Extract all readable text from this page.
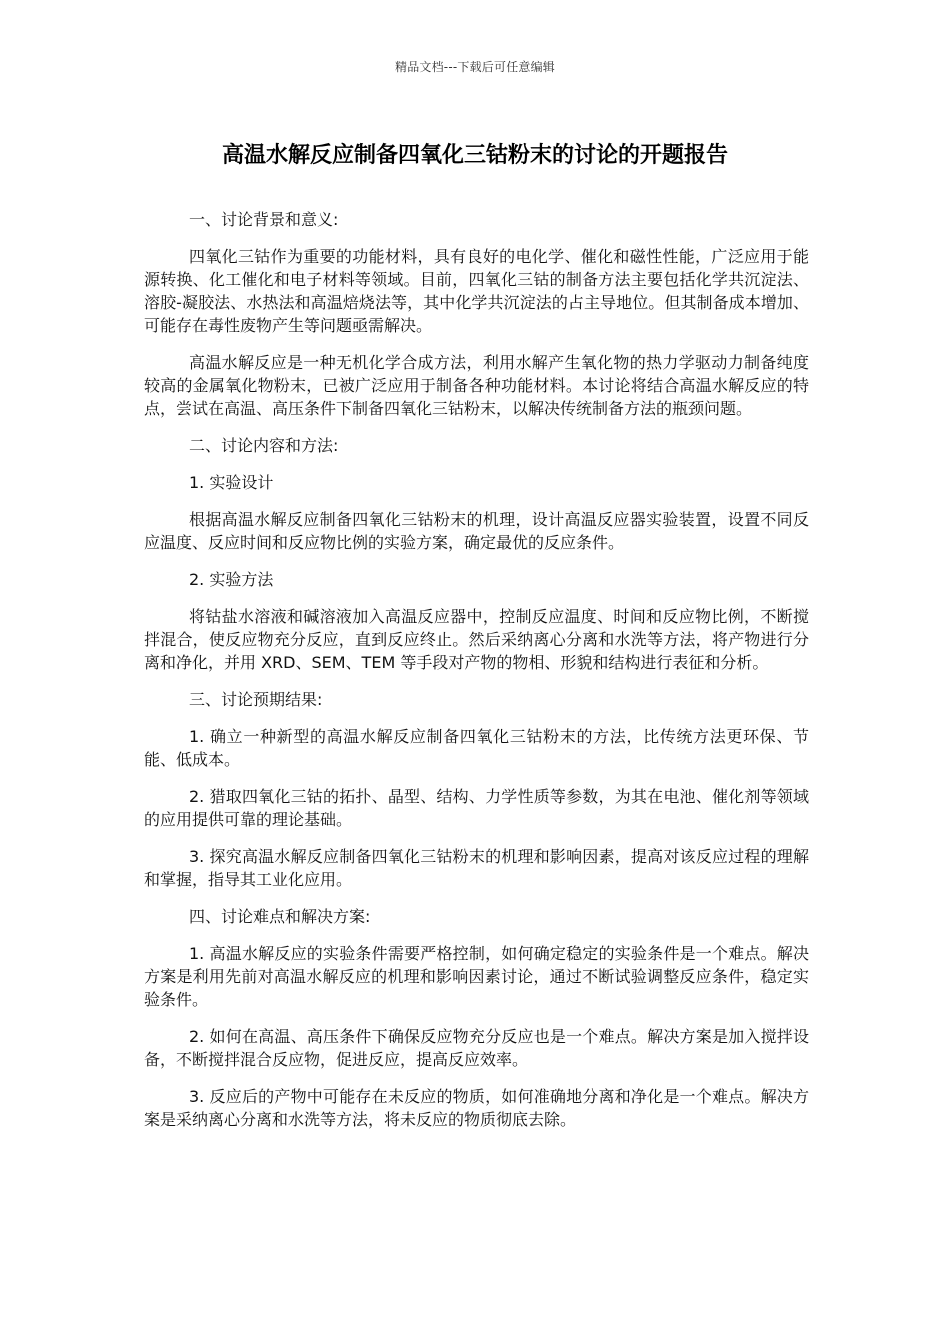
精品文档---下载后可任意编辑
高温水解反应制备四氧化三钴粉末的讨论的开题报告

一、讨论背景和意义:

四氧化三钴作为重要的功能材料，具有良好的电化学、催化和磁性性能，广泛应用于能源转换、化工催化和电子材料等领域。目前，四氧化三钴的制备方法主要包括化学共沉淀法、溶胶-凝胶法、水热法和高温焙烧法等，其中化学共沉淀法的占主导地位。但其制备成本增加、可能存在毒性废物产生等问题亟需解决。

高温水解反应是一种无机化学合成方法，利用水解产生氧化物的热力学驱动力制备纯度较高的金属氧化物粉末，已被广泛应用于制备各种功能材料。本讨论将结合高温水解反应的特点，尝试在高温、高压条件下制备四氧化三钴粉末，以解决传统制备方法的瓶颈问题。

二、讨论内容和方法:

1. 实验设计

根据高温水解反应制备四氧化三钴粉末的机理，设计高温反应器实验装置，设置不同反应温度、反应时间和反应物比例的实验方案，确定最优的反应条件。

2. 实验方法

将钴盐水溶液和碱溶液加入高温反应器中，控制反应温度、时间和反应物比例，不断搅拌混合，使反应物充分反应，直到反应终止。然后采纳离心分离和水洗等方法，将产物进行分离和净化，并用 XRD、SEM、TEM 等手段对产物的物相、形貌和结构进行表征和分析。

三、讨论预期结果:

1. 确立一种新型的高温水解反应制备四氧化三钴粉末的方法，比传统方法更环保、节能、低成本。

2. 猎取四氧化三钴的拓扑、晶型、结构、力学性质等参数，为其在电池、催化剂等领域的应用提供可靠的理论基础。

3. 探究高温水解反应制备四氧化三钴粉末的机理和影响因素，提高对该反应过程的理解和掌握，指导其工业化应用。

四、讨论难点和解决方案:

1. 高温水解反应的实验条件需要严格控制，如何确定稳定的实验条件是一个难点。解决方案是利用先前对高温水解反应的机理和影响因素讨论，通过不断试验调整反应条件，稳定实验条件。

2. 如何在高温、高压条件下确保反应物充分反应也是一个难点。解决方案是加入搅拌设备，不断搅拌混合反应物，促进反应，提高反应效率。

3. 反应后的产物中可能存在未反应的物质，如何准确地分离和净化是一个难点。解决方案是采纳离心分离和水洗等方法，将未反应的物质彻底去除。
